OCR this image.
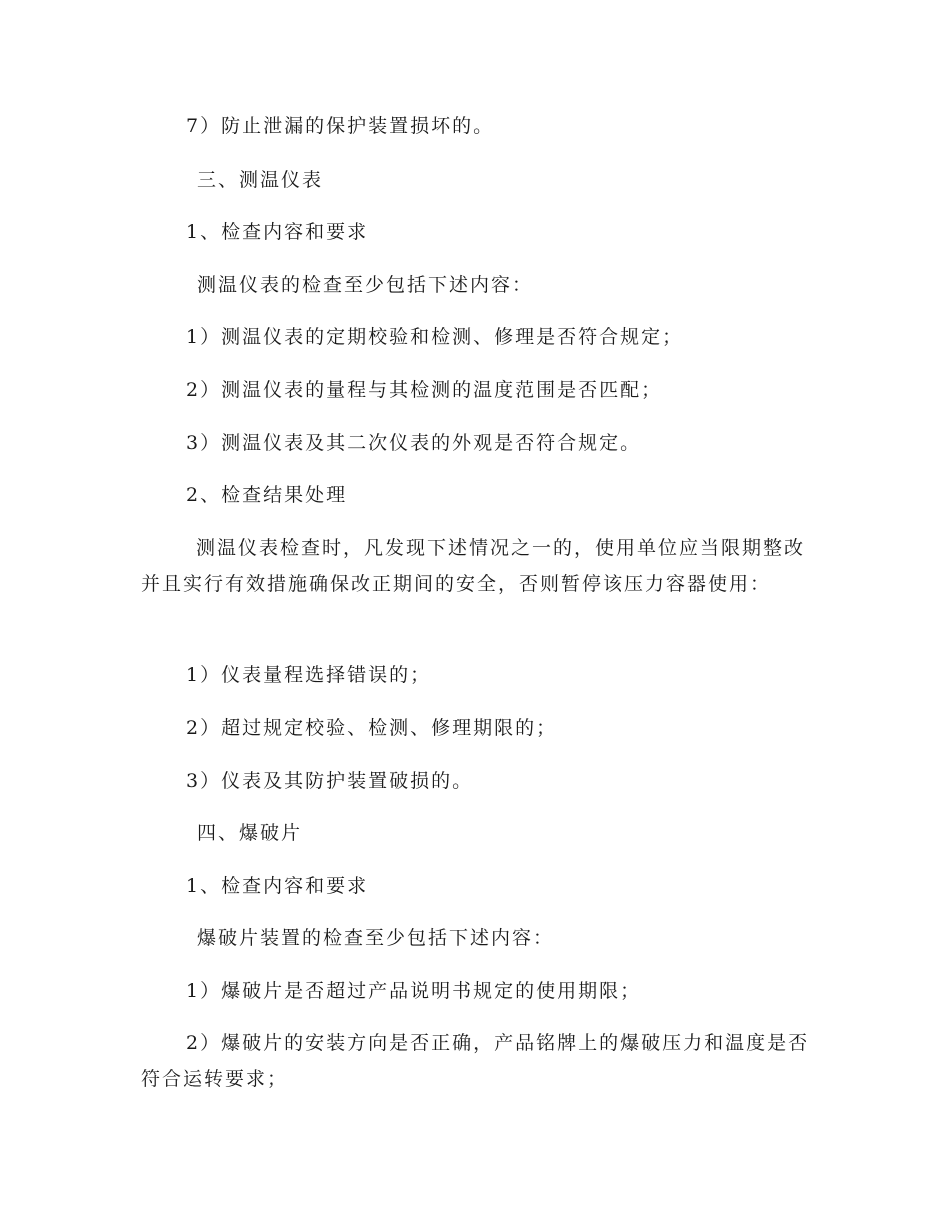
7）防止泄漏的保护装置损坏的。
三、测温仪表
1、检查内容和要求
测温仪表的检查至少包括下述内容：
1）测温仪表的定期校验和检测、修理是否符合规定；
2）测温仪表的量程与其检测的温度范围是否匹配；
3）测温仪表及其二次仪表的外观是否符合规定。
2、检查结果处理
测温仪表检查时，凡发现下述情况之一的，使用单位应当限期整改并且实行有效措施确保改正期间的安全，否则暂停该压力容器使用：
1）仪表量程选择错误的；
2）超过规定校验、检测、修理期限的；
3）仪表及其防护装置破损的。
四、爆破片
1、检查内容和要求
爆破片装置的检查至少包括下述内容：
1）爆破片是否超过产品说明书规定的使用期限；
2）爆破片的安装方向是否正确，产品铭牌上的爆破压力和温度是否符合运转要求；
